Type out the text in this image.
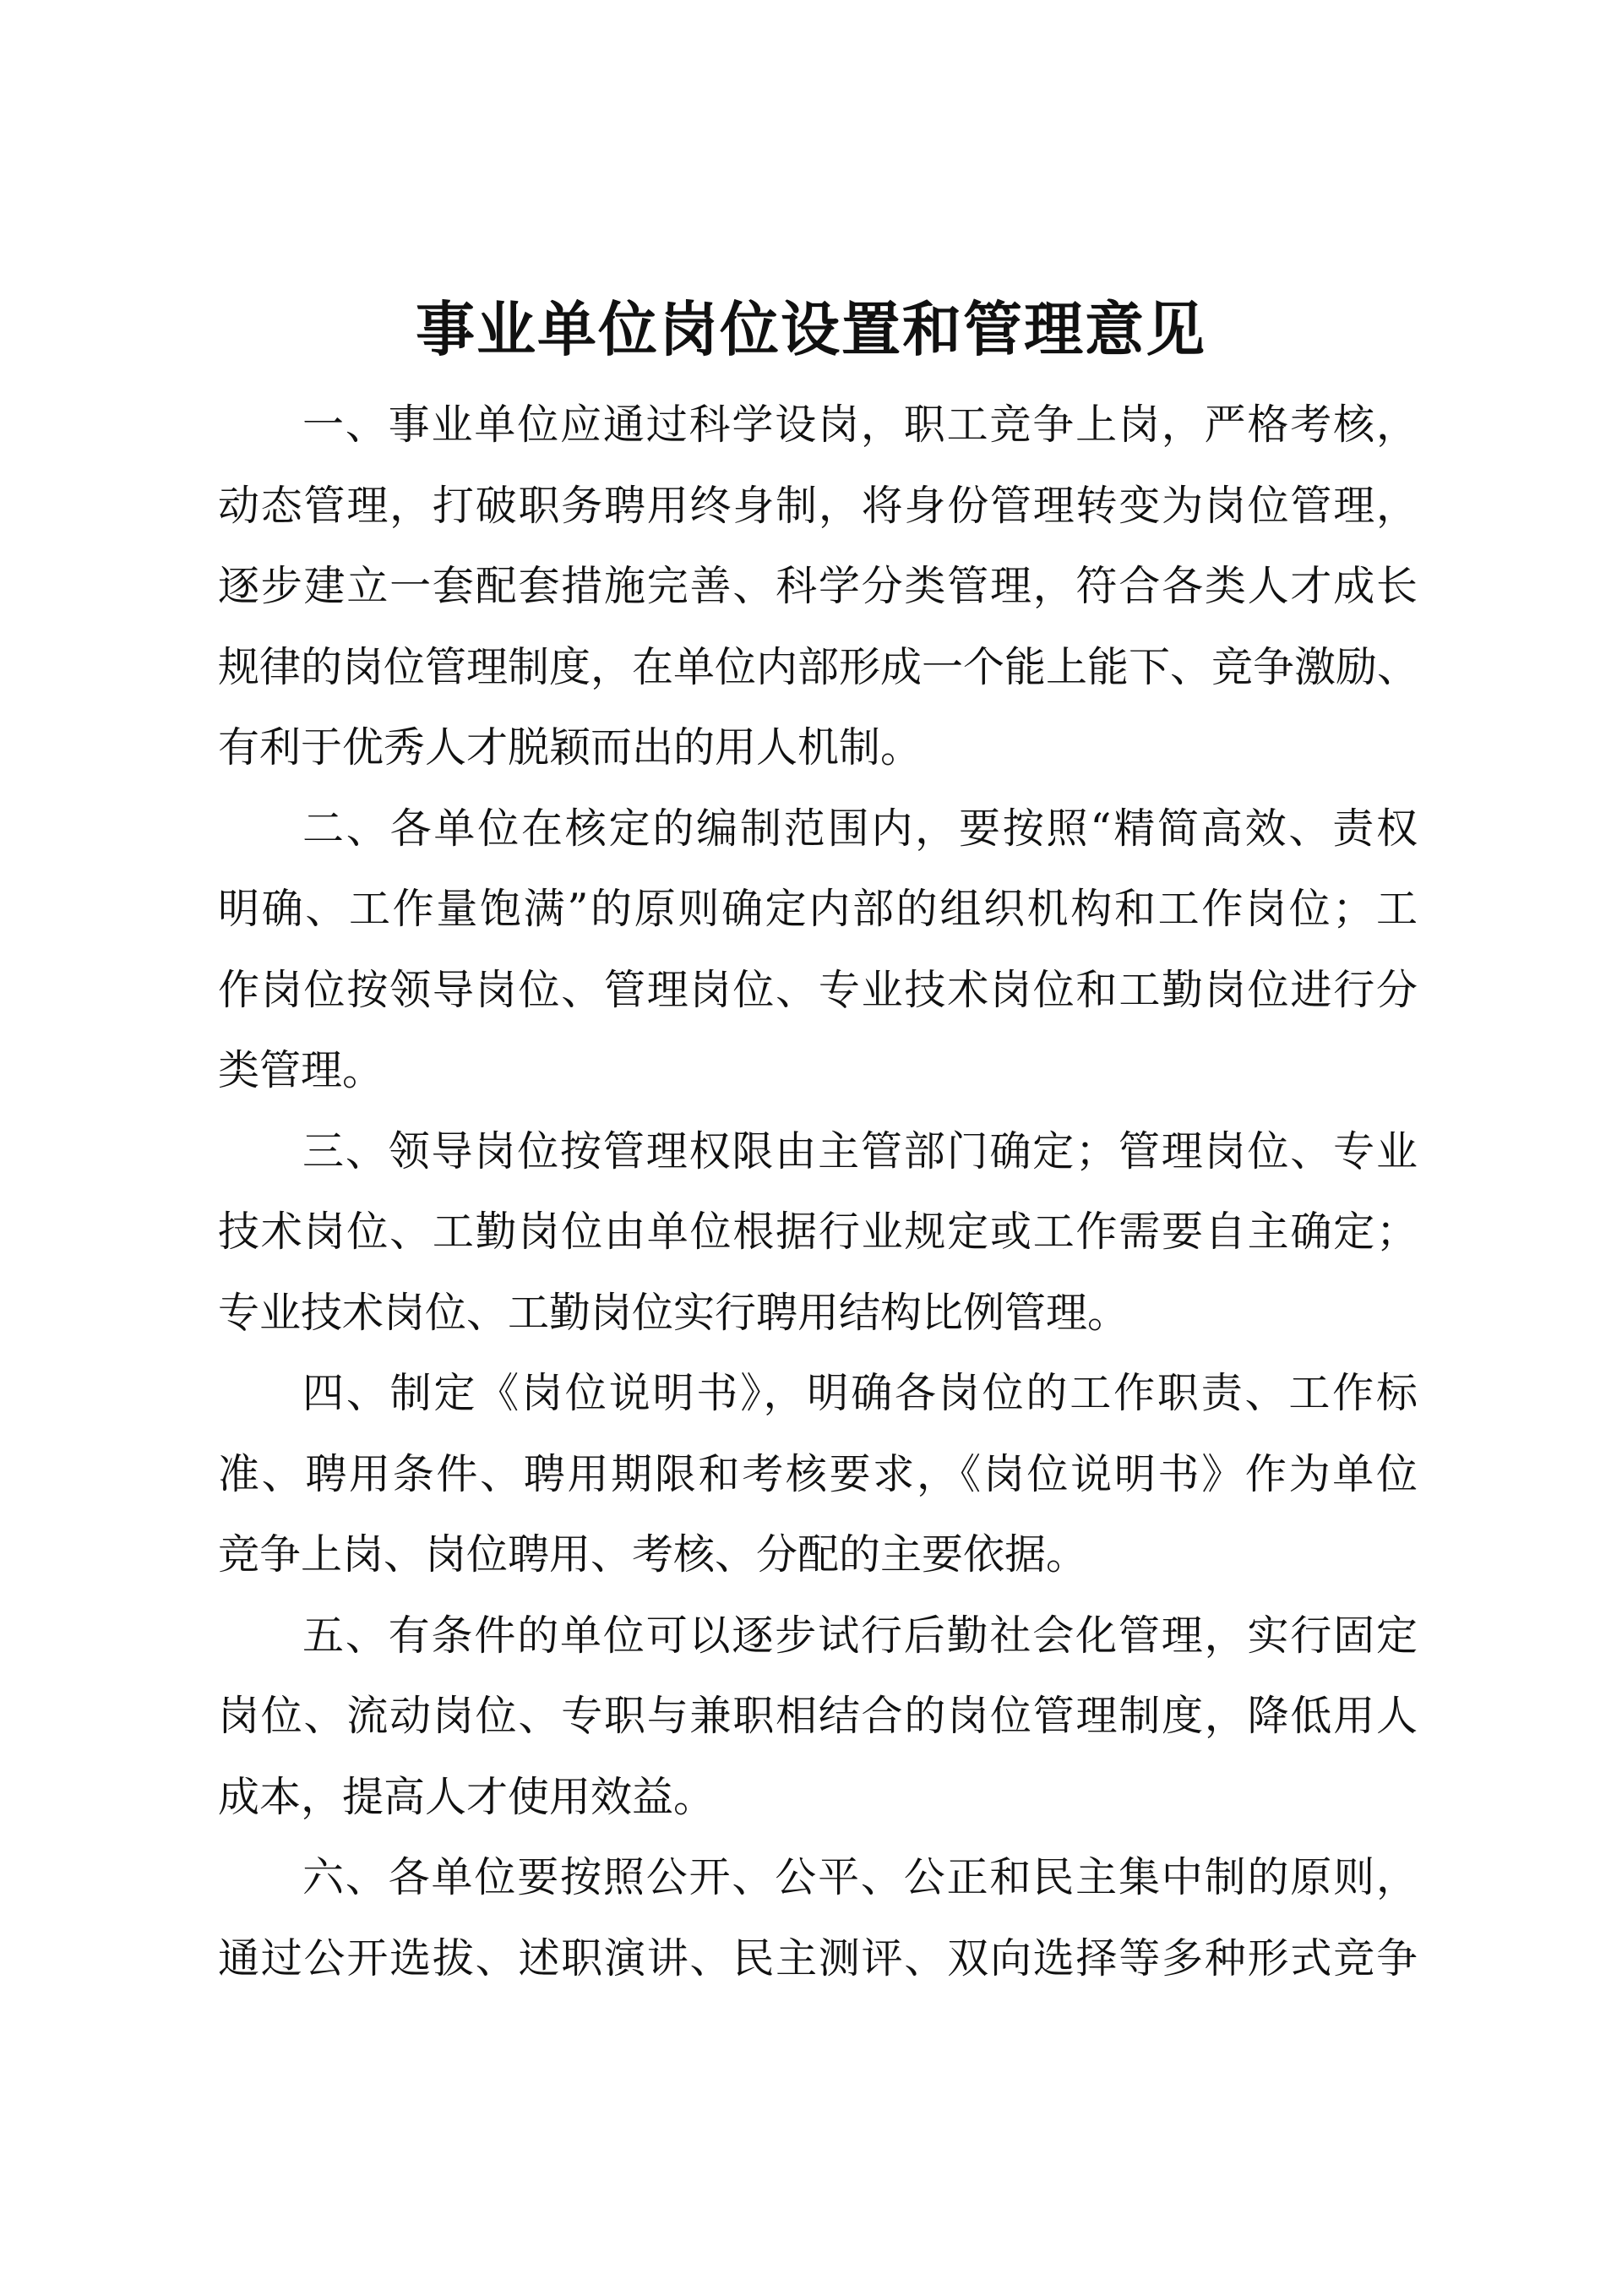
事业单位岗位设置和管理意见
一、事业单位应通过科学设岗，职工竞争上岗，严格考核，
动态管理，打破职务聘用终身制，将身份管理转变为岗位管理，
逐步建立一套配套措施完善、科学分类管理，符合各类人才成长
规律的岗位管理制度，在单位内部形成一个能上能下、竞争激励、
有利于优秀人才脱颖而出的用人机制。
二、各单位在核定的编制范围内，要按照“精简高效、责权
明确、工作量饱满”的原则确定内部的组织机构和工作岗位；工
作岗位按领导岗位、管理岗位、专业技术岗位和工勤岗位进行分
类管理。
三、领导岗位按管理权限由主管部门确定；管理岗位、专业
技术岗位、工勤岗位由单位根据行业规定或工作需要自主确定；
专业技术岗位、工勤岗位实行聘用结构比例管理。
四、制定《岗位说明书》，明确各岗位的工作职责、工作标
准、聘用条件、聘用期限和考核要求，《岗位说明书》作为单位
竞争上岗、岗位聘用、考核、分配的主要依据。
五、有条件的单位可以逐步试行后勤社会化管理，实行固定
岗位、流动岗位、专职与兼职相结合的岗位管理制度，降低用人
成本，提高人才使用效益。
六、各单位要按照公开、公平、公正和民主集中制的原则，
通过公开选拔、述职演讲、民主测评、双向选择等多种形式竞争
